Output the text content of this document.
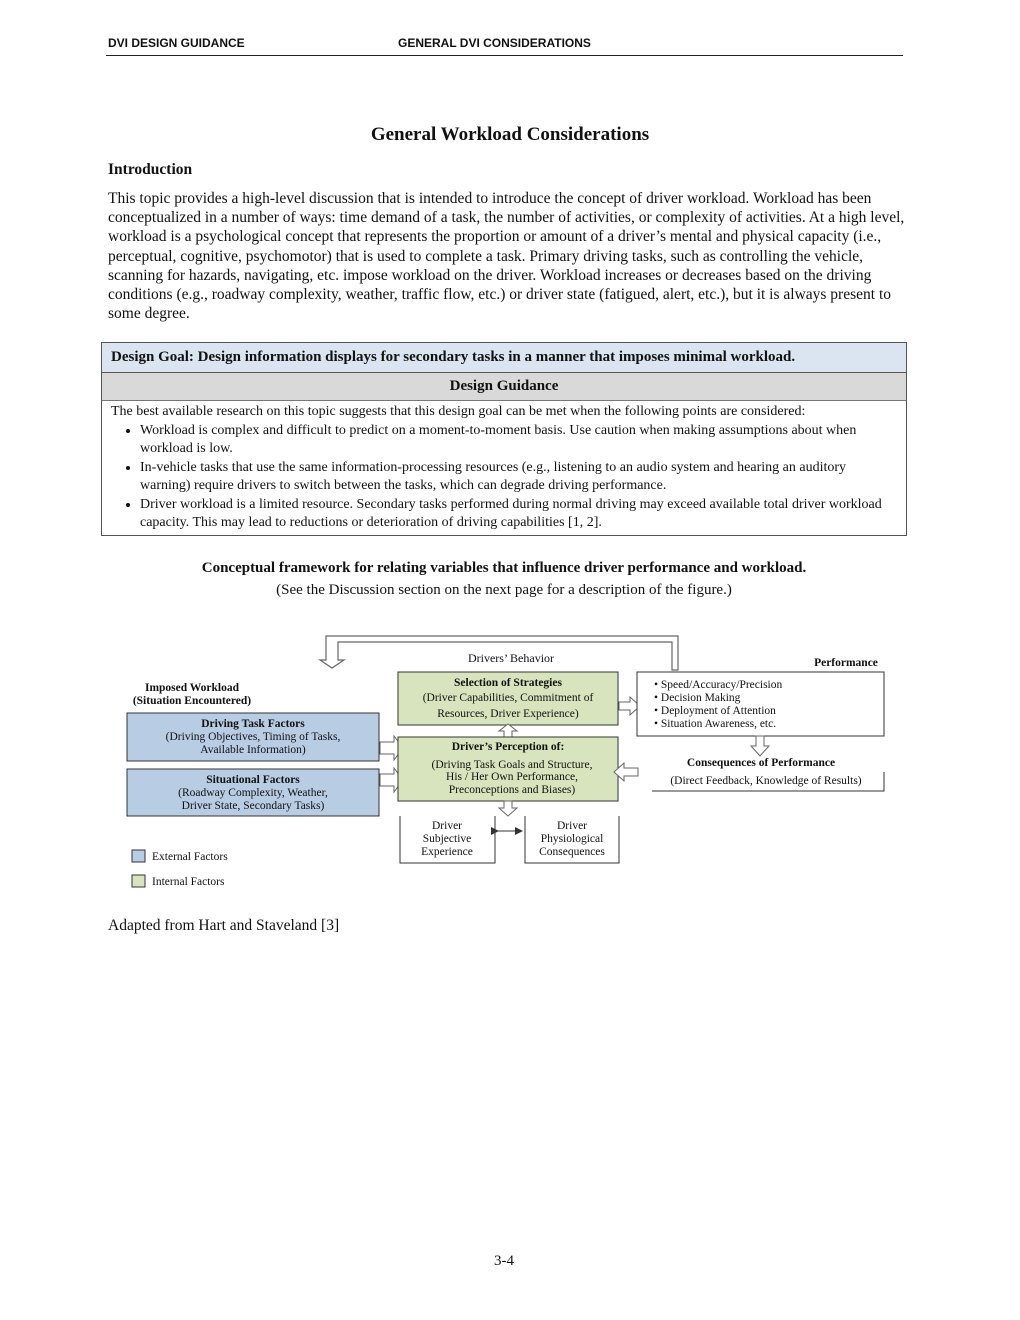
DVI DESIGN GUIDANCE	GENERAL DVI CONSIDERATIONS
General Workload Considerations
Introduction

This topic provides a high-level discussion that is intended to introduce the concept of driver workload. Workload has been conceptualized in a number of ways: time demand of a task, the number of activities, or complexity of activities. At a high level, workload is a psychological concept that represents the proportion or amount of a driver’s mental and physical capacity (i.e., perceptual, cognitive, psychomotor) that is used to complete a task. Primary driving tasks, such as controlling the vehicle, scanning for hazards, navigating, etc. impose workload on the driver. Workload increases or decreases based on the driving conditions (e.g., roadway complexity, weather, traffic flow, etc.) or driver state (fatigued, alert, etc.), but it is always present to some degree.

Design Goal: Design information displays for secondary tasks in a manner that imposes minimal workload.
Design Guidance
The best available research on this topic suggests that this design goal can be met when the following points are considered:
• Workload is complex and difficult to predict on a moment-to-moment basis. Use caution when making assumptions about when workload is low.
• In-vehicle tasks that use the same information-processing resources (e.g., listening to an audio system and hearing an auditory warning) require drivers to switch between the tasks, which can degrade driving performance.
• Driver workload is a limited resource. Secondary tasks performed during normal driving may exceed available total driver workload capacity. This may lead to reductions or deterioration of driving capabilities [1, 2].
Conceptual framework for relating variables that influence driver performance and workload.
(See the Discussion section on the next page for a description of the figure.)
Drivers’ Behavior	Performance
Imposed Workload
(Situation Encountered)
Driving Task Factors
(Driving Objectives, Timing of Tasks,
Available Information)
Situational Factors
(Roadway Complexity, Weather,
Driver State, Secondary Tasks)
Selection of Strategies
(Driver Capabilities, Commitment of
Resources, Driver Experience)
Driver’s Perception of:
(Driving Task Goals and Structure,
His / Her Own Performance,
Preconceptions and Biases)
• Speed/Accuracy/Precision
• Decision Making
• Deployment of Attention
• Situation Awareness, etc.
Consequences of Performance
(Direct Feedback, Knowledge of Results)
Driver
Subjective
Experience
Driver
Physiological
Consequences
External Factors
Internal Factors
Adapted from Hart and Staveland [3]
3-4
